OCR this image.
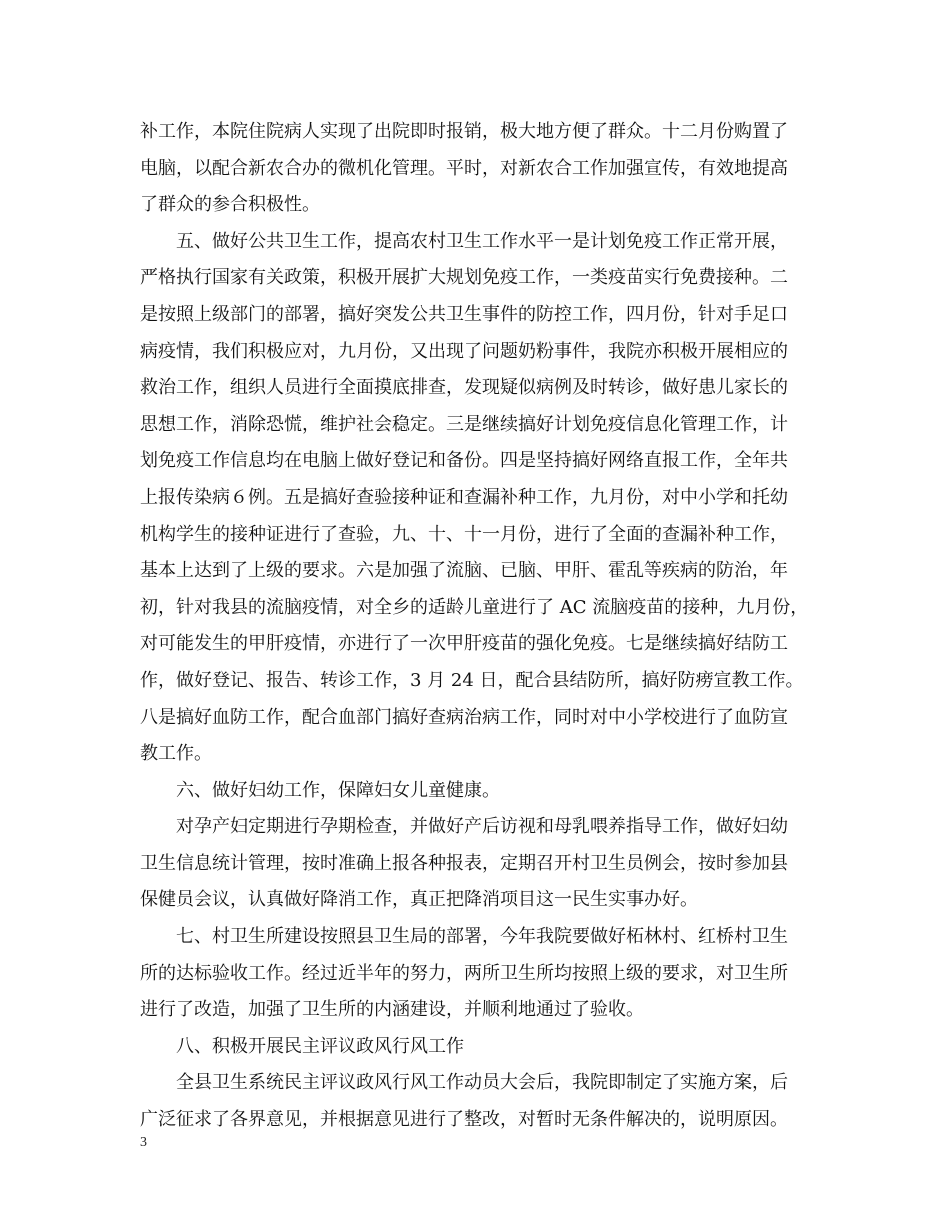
补工作，本院住院病人实现了出院即时报销，极大地方便了群众。十二月份购置了
电脑，以配合新农合办的微机化管理。平时，对新农合工作加强宣传，有效地提高
了群众的参合积极性。
五、做好公共卫生工作，提高农村卫生工作水平一是计划免疫工作正常开展，
严格执行国家有关政策，积极开展扩大规划免疫工作，一类疫苗实行免费接种。二
是按照上级部门的部署，搞好突发公共卫生事件的防控工作，四月份，针对手足口
病疫情，我们积极应对，九月份，又出现了问题奶粉事件，我院亦积极开展相应的
救治工作，组织人员进行全面摸底排查，发现疑似病例及时转诊，做好患儿家长的
思想工作，消除恐慌，维护社会稳定。三是继续搞好计划免疫信息化管理工作，计
划免疫工作信息均在电脑上做好登记和备份。四是坚持搞好网络直报工作，全年共
上报传染病６例。五是搞好查验接种证和查漏补种工作，九月份，对中小学和托幼
机构学生的接种证进行了查验，九、十、十一月份，进行了全面的查漏补种工作，
基本上达到了上级的要求。六是加强了流脑、已脑、甲肝、霍乱等疾病的防治，年
初，针对我县的流脑疫情，对全乡的适龄儿童进行了 AC 流脑疫苗的接种，九月份，
对可能发生的甲肝疫情，亦进行了一次甲肝疫苗的强化免疫。七是继续搞好结防工
作，做好登记、报告、转诊工作，3 月 24 日，配合县结防所，搞好防痨宣教工作。
八是搞好血防工作，配合血部门搞好查病治病工作，同时对中小学校进行了血防宣
教工作。
六、做好妇幼工作，保障妇女儿童健康。
对孕产妇定期进行孕期检查，并做好产后访视和母乳喂养指导工作，做好妇幼
卫生信息统计管理，按时准确上报各种报表，定期召开村卫生员例会，按时参加县
保健员会议，认真做好降消工作，真正把降消项目这一民生实事办好。
七、村卫生所建设按照县卫生局的部署，今年我院要做好柘林村、红桥村卫生
所的达标验收工作。经过近半年的努力，两所卫生所均按照上级的要求，对卫生所
进行了改造，加强了卫生所的内涵建设，并顺利地通过了验收。
八、积极开展民主评议政风行风工作
全县卫生系统民主评议政风行风工作动员大会后，我院即制定了实施方案，后
广泛征求了各界意见，并根据意见进行了整改，对暂时无条件解决的，说明原因。
3
